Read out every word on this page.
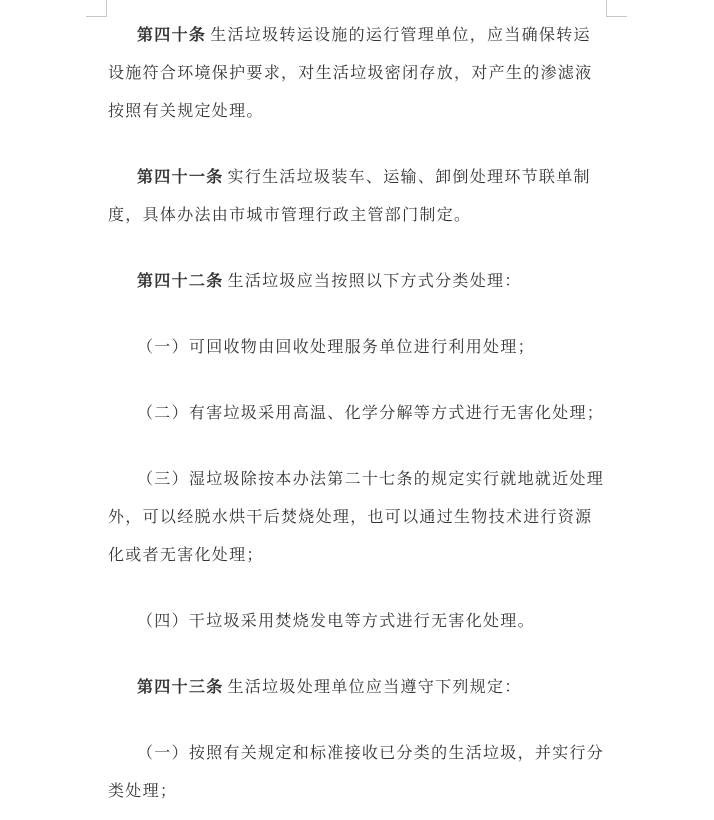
第四十条 生活垃圾转运设施的运行管理单位，应当确保转运设施符合环境保护要求，对生活垃圾密闭存放，对产生的渗滤液按照有关规定处理。

第四十一条 实行生活垃圾装车、运输、卸倒处理环节联单制度，具体办法由市城市管理行政主管部门制定。

第四十二条 生活垃圾应当按照以下方式分类处理：

（一）可回收物由回收处理服务单位进行利用处理；

（二）有害垃圾采用高温、化学分解等方式进行无害化处理；

（三）湿垃圾除按本办法第二十七条的规定实行就地就近处理外，可以经脱水烘干后焚烧处理，也可以通过生物技术进行资源化或者无害化处理；

（四）干垃圾采用焚烧发电等方式进行无害化处理。

第四十三条 生活垃圾处理单位应当遵守下列规定：

（一）按照有关规定和标准接收已分类的生活垃圾，并实行分类处理；
